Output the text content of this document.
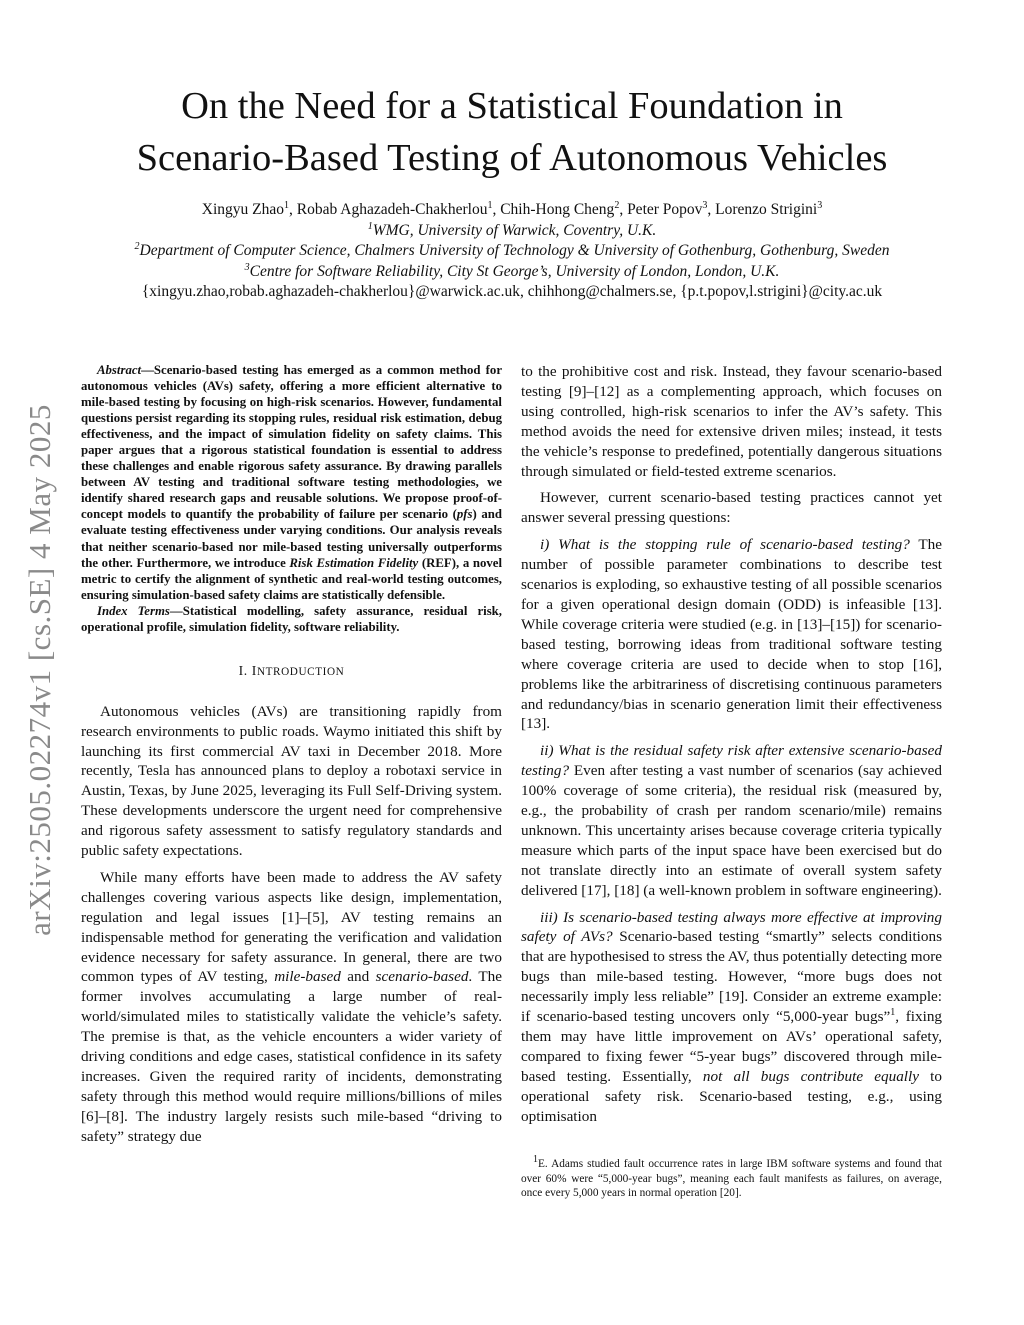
arXiv:2505.02274v1 [cs.SE] 4 May 2025
On the Need for a Statistical Foundation in
Scenario-Based Testing of Autonomous Vehicles
Xingyu Zhao$^1$, Robab Aghazadeh-Chakherlou$^1$, Chih-Hong Cheng$^2$, Peter Popov$^3$, Lorenzo Strigini$^3$
$^1$WMG, University of Warwick, Coventry, U.K.
$^2$Department of Computer Science, Chalmers University of Technology & University of Gothenburg, Gothenburg, Sweden
$^3$Centre for Software Reliability, City St George’s, University of London, London, U.K.
{xingyu.zhao,robab.aghazadeh-chakherlou}@warwick.ac.uk, chihhong@chalmers.se, {p.t.popov,l.strigini}@city.ac.uk

Abstract—Scenario-based testing has emerged as a common method for autonomous vehicles (AVs) safety, offering a more efficient alternative to mile-based testing by focusing on high-risk scenarios. However, fundamental questions persist regarding its stopping rules, residual risk estimation, debug effectiveness, and the impact of simulation fidelity on safety claims. This paper argues that a rigorous statistical foundation is essential to address these challenges and enable rigorous safety assurance. By drawing parallels between AV testing and traditional software testing methodologies, we identify shared research gaps and reusable solutions. We propose proof-of-concept models to quantify the probability of failure per scenario (pfs) and evaluate testing effectiveness under varying conditions. Our analysis reveals that neither scenario-based nor mile-based testing universally outperforms the other. Furthermore, we introduce Risk Estimation Fidelity (REF), a novel metric to certify the alignment of synthetic and real-world testing outcomes, ensuring simulation-based safety claims are statistically defensible.

Index Terms—Statistical modelling, safety assurance, residual risk, operational profile, simulation fidelity, software reliability.

I. INTRODUCTION

Autonomous vehicles (AVs) are transitioning rapidly from research environments to public roads. Waymo initiated this shift by launching its first commercial AV taxi in December 2018. More recently, Tesla has announced plans to deploy a robotaxi service in Austin, Texas, by June 2025, leveraging its Full Self-Driving system. These developments underscore the urgent need for comprehensive and rigorous safety assessment to satisfy regulatory standards and public safety expectations.

While many efforts have been made to address the AV safety challenges covering various aspects like design, implementation, regulation and legal issues [1]–[5], AV testing remains an indispensable method for generating the verification and validation evidence necessary for safety assurance. In general, there are two common types of AV testing, mile-based and scenario-based. The former involves accumulating a large number of real-world/simulated miles to statistically validate the vehicle’s safety. The premise is that, as the vehicle encounters a wider variety of driving conditions and edge cases, statistical confidence in its safety increases. Given the required rarity of incidents, demonstrating safety through this method would require millions/billions of miles [6]–[8]. The industry largely resists such mile-based “driving to safety” strategy due

to the prohibitive cost and risk. Instead, they favour scenario-based testing [9]–[12] as a complementing approach, which focuses on using controlled, high-risk scenarios to infer the AV’s safety. This method avoids the need for extensive driven miles; instead, it tests the vehicle’s response to predefined, potentially dangerous situations through simulated or field-tested extreme scenarios.

However, current scenario-based testing practices cannot yet answer several pressing questions:

i) What is the stopping rule of scenario-based testing? The number of possible parameter combinations to describe test scenarios is exploding, so exhaustive testing of all possible scenarios for a given operational design domain (ODD) is infeasible [13]. While coverage criteria were studied (e.g. in [13]–[15]) for scenario-based testing, borrowing ideas from traditional software testing where coverage criteria are used to decide when to stop [16], problems like the arbitrariness of discretising continuous parameters and redundancy/bias in scenario generation limit their effectiveness [13].

ii) What is the residual safety risk after extensive scenario-based testing? Even after testing a vast number of scenarios (say achieved 100% coverage of some criteria), the residual risk (measured by, e.g., the probability of crash per random scenario/mile) remains unknown. This uncertainty arises because coverage criteria typically measure which parts of the input space have been exercised but do not translate directly into an estimate of overall system safety delivered [17], [18] (a well-known problem in software engineering).

iii) Is scenario-based testing always more effective at improving safety of AVs? Scenario-based testing “smartly” selects conditions that are hypothesised to stress the AV, thus potentially detecting more bugs than mile-based testing. However, “more bugs does not necessarily imply less reliable” [19]. Consider an extreme example: if scenario-based testing uncovers only “5,000-year bugs”$^1$, fixing them may have little improvement on AVs’ operational safety, compared to fixing fewer “5-year bugs” discovered through mile-based testing. Essentially, not all bugs contribute equally to operational safety risk. Scenario-based testing, e.g., using optimisation

$^1$E. Adams studied fault occurrence rates in large IBM software systems and found that over 60% were “5,000-year bugs”, meaning each fault manifests as failures, on average, once every 5,000 years in normal operation [20].
